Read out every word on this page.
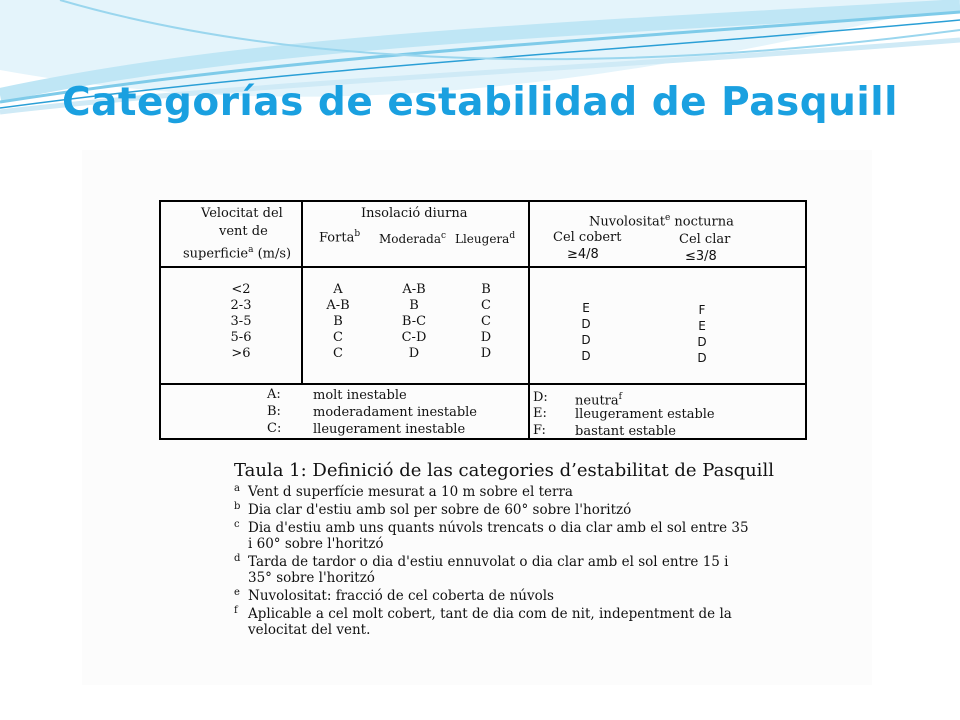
Categorías de estabilidad de Pasquill
Velocitat del
vent de
superficie$^a$ (m/s)
Insolació diurna
Forta$^b$ Moderada$^c$ Lleugera$^d$
Nuvolositat$^e$ nocturna
Cel cobert
≥4/8
Cel clar
≤3/8
<2
2-3
3-5
5-6
>6
A
A-B
B
C
C
A-B
B
B-C
C-D
D
B
C
C
D
D
E
D
D
D
F
E
D
D
A: molt inestable
B: moderadament inestable
C: lleugerament inestable
D: neutra$^f$
E: lleugerament estable
F: bastant estable
Taula 1: Definició de las categories d’estabilitat de Pasquill
a Vent d superfície mesurat a 10 m sobre el terra
b Dia clar d'estiu amb sol per sobre de 60° sobre l'horitzó
c Dia d'estiu amb uns quants núvols trencats o dia clar amb el sol entre 35 i 60° sobre l'horitzó
d Tarda de tardor o dia d'estiu ennuvolat o dia clar amb el sol entre 15 i 35° sobre l'horitzó
e Nuvolositat: fracció de cel coberta de núvols
f Aplicable a cel molt cobert, tant de dia com de nit, indepentment de la velocitat del vent.
